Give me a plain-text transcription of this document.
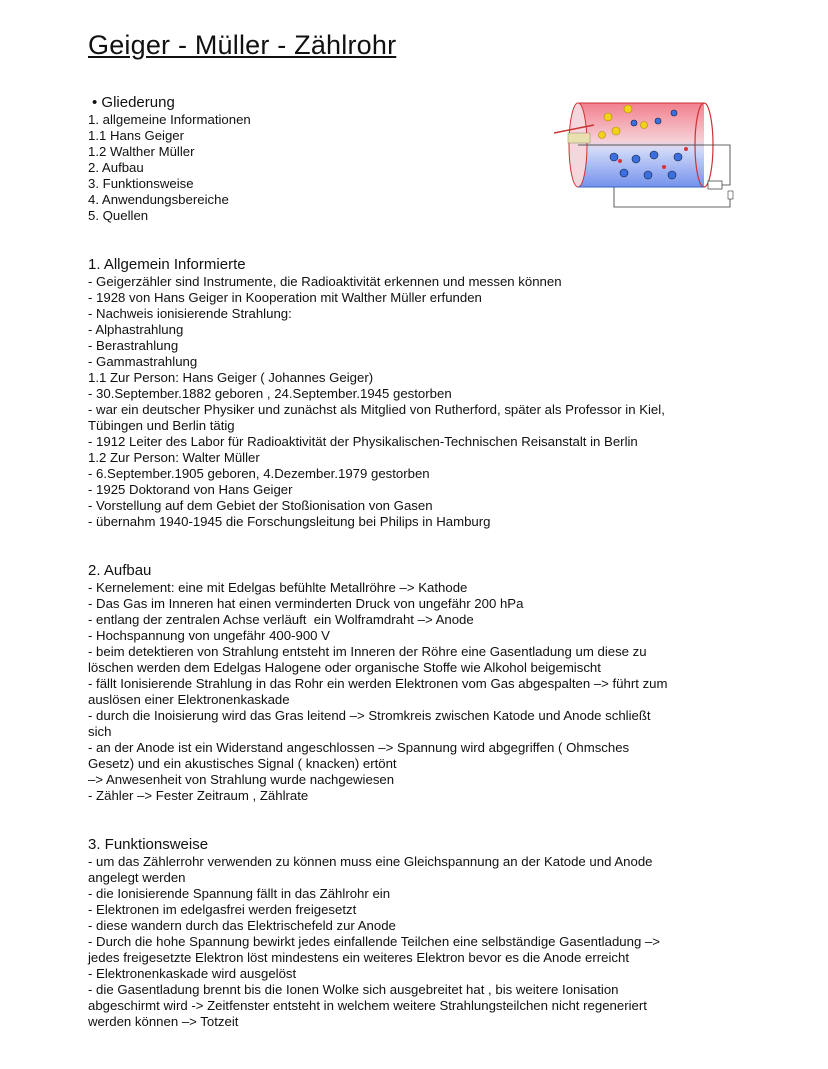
Geiger - Müller - Zählrohr

• Gliederung

1. allgemeine Informationen

1.1 Hans Geiger

1.2 Walther Müller

2. Aufbau

3. Funktionsweise

4. Anwendungsbereiche

5. Quellen

1. Allgemein Informierte

- Geigerzähler sind Instrumente, die Radioaktivität erkennen und messen können

- 1928 von Hans Geiger in Kooperation mit Walther Müller erfunden

- Nachweis ionisierende Strahlung:

- Alphastrahlung

- Berastrahlung

- Gammastrahlung

1.1 Zur Person: Hans Geiger ( Johannes Geiger)

- 30.September.1882 geboren , 24.September.1945 gestorben

- war ein deutscher Physiker und zunächst als Mitglied von Rutherford, später als Professor in Kiel,

Tübingen und Berlin tätig

- 1912 Leiter des Labor für Radioaktivität der Physikalischen-Technischen Reisanstalt in Berlin

1.2 Zur Person: Walter Müller

- 6.September.1905 geboren, 4.Dezember.1979 gestorben

- 1925 Doktorand von Hans Geiger

- Vorstellung auf dem Gebiet der Stoßionisation von Gasen

- übernahm 1940-1945 die Forschungsleitung bei Philips in Hamburg

2. Aufbau

- Kernelement: eine mit Edelgas befühlte Metallröhre –> Kathode

- Das Gas im Inneren hat einen verminderten Druck von ungefähr 200 hPa

- entlang der zentralen Achse verläuft  ein Wolframdraht –> Anode

- Hochspannung von ungefähr 400-900 V

- beim detektieren von Strahlung entsteht im Inneren der Röhre eine Gasentladung um diese zu

löschen werden dem Edelgas Halogene oder organische Stoffe wie Alkohol beigemischt

- fällt Ionisierende Strahlung in das Rohr ein werden Elektronen vom Gas abgespalten –> führt zum

auslösen einer Elektronenkaskade

- durch die Inoisierung wird das Gras leitend –> Stromkreis zwischen Katode und Anode schließt

sich

- an der Anode ist ein Widerstand angeschlossen –> Spannung wird abgegriffen ( Ohmsches

Gesetz) und ein akustisches Signal ( knacken) ertönt

–> Anwesenheit von Strahlung wurde nachgewiesen

- Zähler –> Fester Zeitraum , Zählrate

3. Funktionsweise

- um das Zählerrohr verwenden zu können muss eine Gleichspannung an der Katode und Anode

angelegt werden

- die Ionisierende Spannung fällt in das Zählrohr ein

- Elektronen im edelgasfrei werden freigesetzt

- diese wandern durch das Elektrischefeld zur Anode

- Durch die hohe Spannung bewirkt jedes einfallende Teilchen eine selbständige Gasentladung –>

jedes freigesetzte Elektron löst mindestens ein weiteres Elektron bevor es die Anode erreicht

- Elektronenkaskade wird ausgelöst

- die Gasentladung brennt bis die Ionen Wolke sich ausgebreitet hat , bis weitere Ionisation

abgeschirmt wird -> Zeitfenster entsteht in welchem weitere Strahlungsteilchen nicht regeneriert

werden können –> Totzeit
